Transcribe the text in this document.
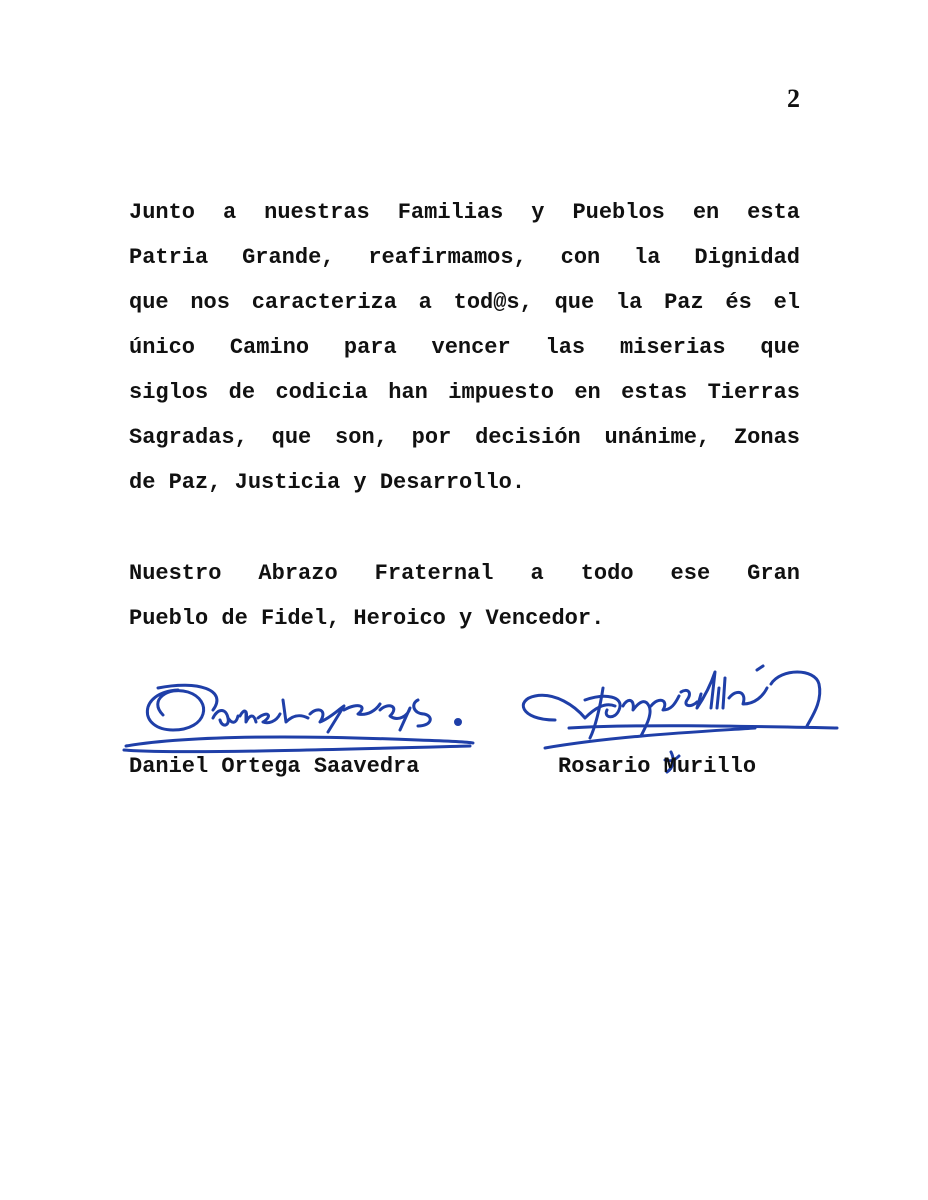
2
Junto a nuestras Familias y Pueblos en esta
Patria Grande, reafirmamos, con la Dignidad
que nos caracteriza a tod@s, que la Paz és el
único Camino para vencer las miserias que
siglos de codicia han impuesto en estas Tierras
Sagradas, que son, por decisión unánime, Zonas
de Paz, Justicia y Desarrollo.
Nuestro Abrazo Fraternal a todo ese Gran
Pueblo de Fidel, Heroico y Vencedor.
Daniel Ortega Saavedra	Rosario Murillo
